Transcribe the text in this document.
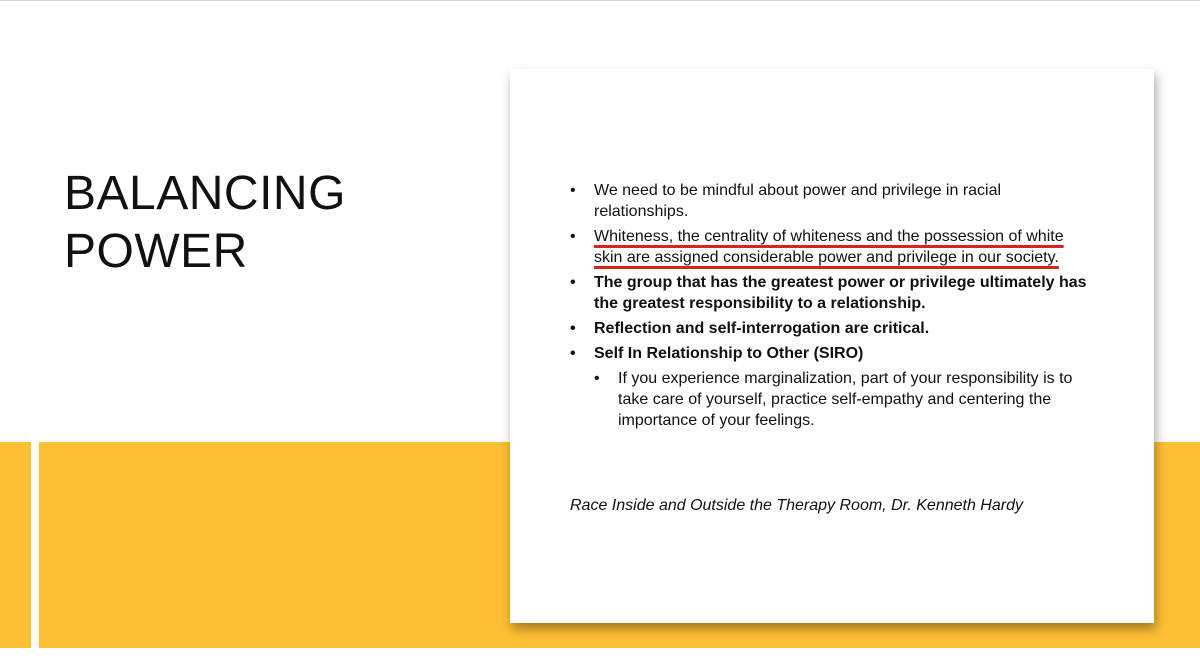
BALANCING
POWER
• We need to be mindful about power and privilege in racial relationships.
• Whiteness, the centrality of whiteness and the possession of white skin are assigned considerable power and privilege in our society.
• The group that has the greatest power or privilege ultimately has the greatest responsibility to a relationship.
• Reflection and self-interrogation are critical.
• Self In Relationship to Other (SIRO)
• If you experience marginalization, part of your responsibility is to take care of yourself, practice self-empathy and centering the importance of your feelings.

Race Inside and Outside the Therapy Room, Dr. Kenneth Hardy
